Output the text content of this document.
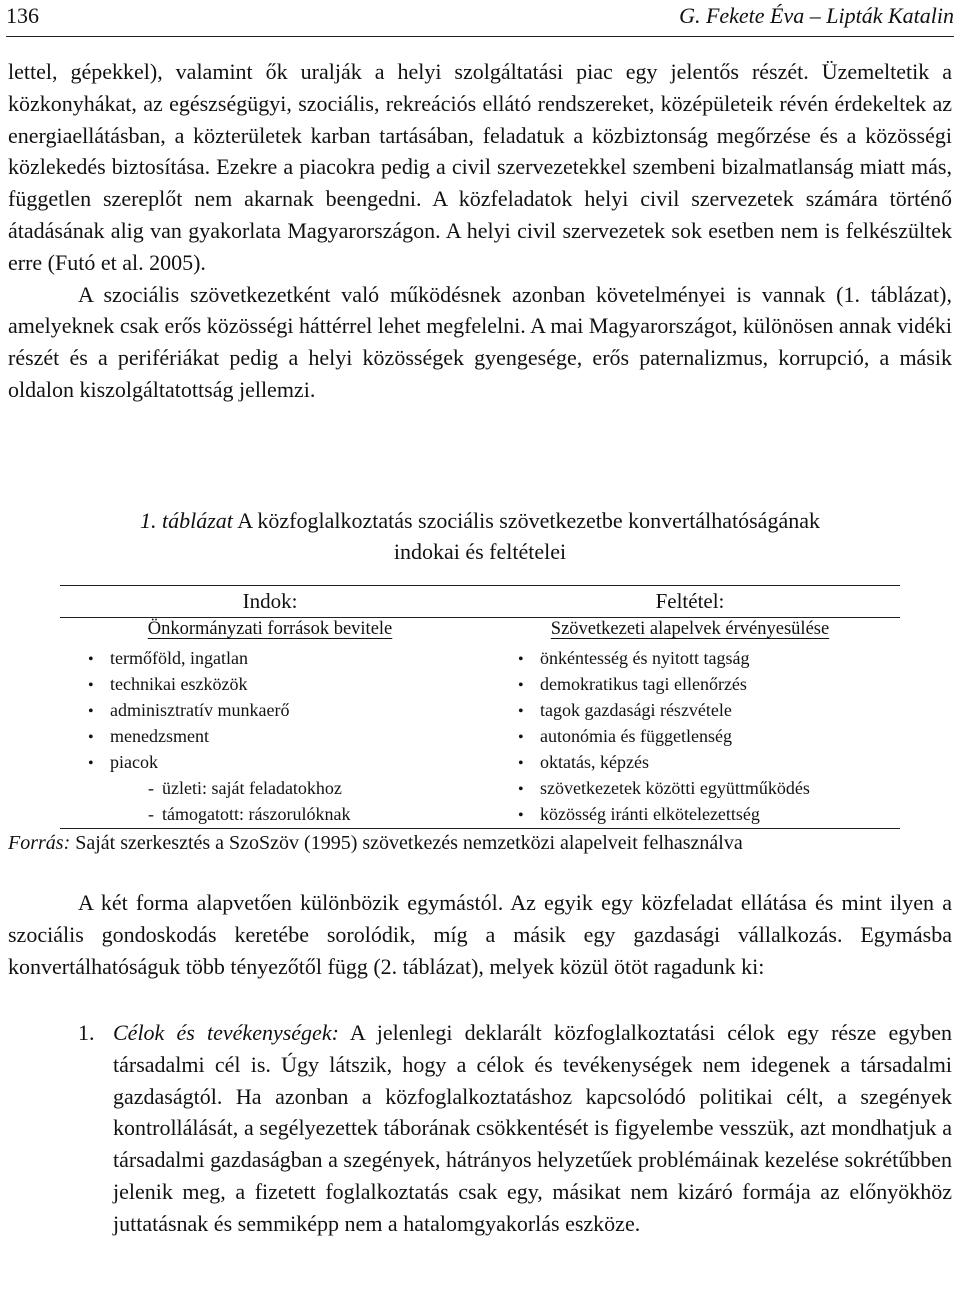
136	G. Fekete Éva – Lipták Katalin

lettel, gépekkel), valamint ők uralják a helyi szolgáltatási piac egy jelentős részét. Üzemeltetik a közkonyhákat, az egészségügyi, szociális, rekreációs ellátó rendszereket, középületeik révén érdekeltek az energiaellátásban, a közterületek karban tartásában, feladatuk a közbiztonság megőrzése és a közösségi közlekedés biztosítása. Ezekre a piacokra pedig a civil szervezetekkel szembeni bizalmatlanság miatt más, független szereplőt nem akarnak beengedni. A közfeladatok helyi civil szervezetek számára történő átadásának alig van gyakorlata Magyarországon. A helyi civil szervezetek sok esetben nem is felkészültek erre (Futó et al. 2005).

A szociális szövetkezetként való működésnek azonban követelményei is vannak (1. táblázat), amelyeknek csak erős közösségi háttérrel lehet megfelelni. A mai Magyarországot, különösen annak vidéki részét és a perifériákat pedig a helyi közösségek gyengesége, erős paternalizmus, korrupció, a másik oldalon kiszolgáltatottság jellemzi.

1. táblázat A közfoglalkoztatás szociális szövetkezetbe konvertálhatóságának
indokai és feltételei
Indok:
Önkormányzati források bevitele
• termőföld, ingatlan
• technikai eszközök
• adminisztratív munkaerő
• menedzsment
• piacok
- üzleti: saját feladatokhoz
- támogatott: rászorulóknak
Feltétel:
Szövetkezeti alapelvek érvényesülése
• önkéntesség és nyitott tagság
• demokratikus tagi ellenőrzés
• tagok gazdasági részvétele
• autonómia és függetlenség
• oktatás, képzés
• szövetkezetek közötti együttműködés
• közösség iránti elkötelezettség
Forrás: Saját szerkesztés a SzoSzöv (1995) szövetkezés nemzetközi alapelveit felhasználva

A két forma alapvetően különbözik egymástól. Az egyik egy közfeladat ellátása és mint ilyen a szociális gondoskodás keretébe sorolódik, míg a másik egy gazdasági vállalkozás. Egymásba konvertálhatóságuk több tényezőtől függ (2. táblázat), melyek közül ötöt ragadunk ki:

1. Célok és tevékenységek: A jelenlegi deklarált közfoglalkoztatási célok egy része egyben társadalmi cél is. Úgy látszik, hogy a célok és tevékenységek nem idegenek a társadalmi gazdaságtól. Ha azonban a közfoglalkoztatáshoz kapcsolódó politikai célt, a szegények kontrollálását, a segélyezettek táborának csökkentését is figyelembe vesszük, azt mondhatjuk a társadalmi gazdaságban a szegények, hátrányos helyzetűek problémáinak kezelése sokrétűbben jelenik meg, a fizetett foglalkoztatás csak egy, másikat nem kizáró formája az előnyökhöz juttatásnak és semmiképp nem a hatalomgyakorlás eszköze.
